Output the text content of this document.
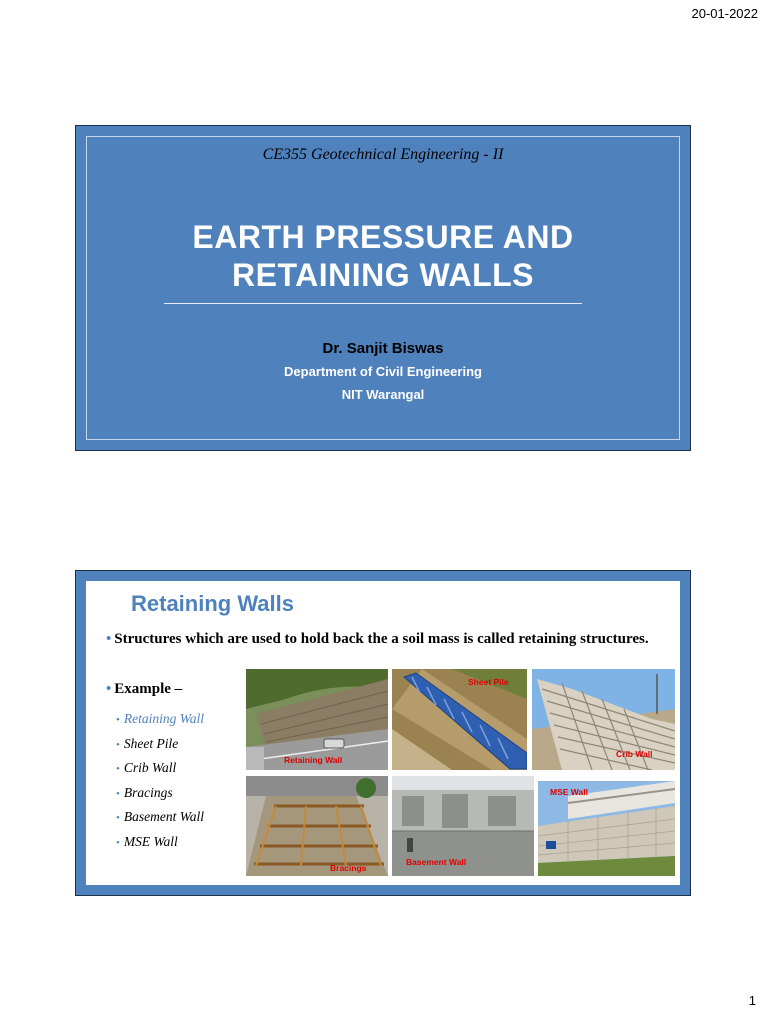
20-01-2022
CE355 Geotechnical Engineering - II
EARTH PRESSURE AND
RETAINING WALLS
Dr. Sanjit Biswas
Department of Civil Engineering
NIT Warangal
Retaining Walls
• Structures which are used to hold back the a soil mass is called retaining structures.
• Example –
• Retaining Wall
• Sheet Pile
• Crib Wall
• Bracings
• Basement Wall
• MSE Wall
Retaining Wall
Sheet Pile
Crib Wall
Bracings
Basement Wall
MSE Wall
1
